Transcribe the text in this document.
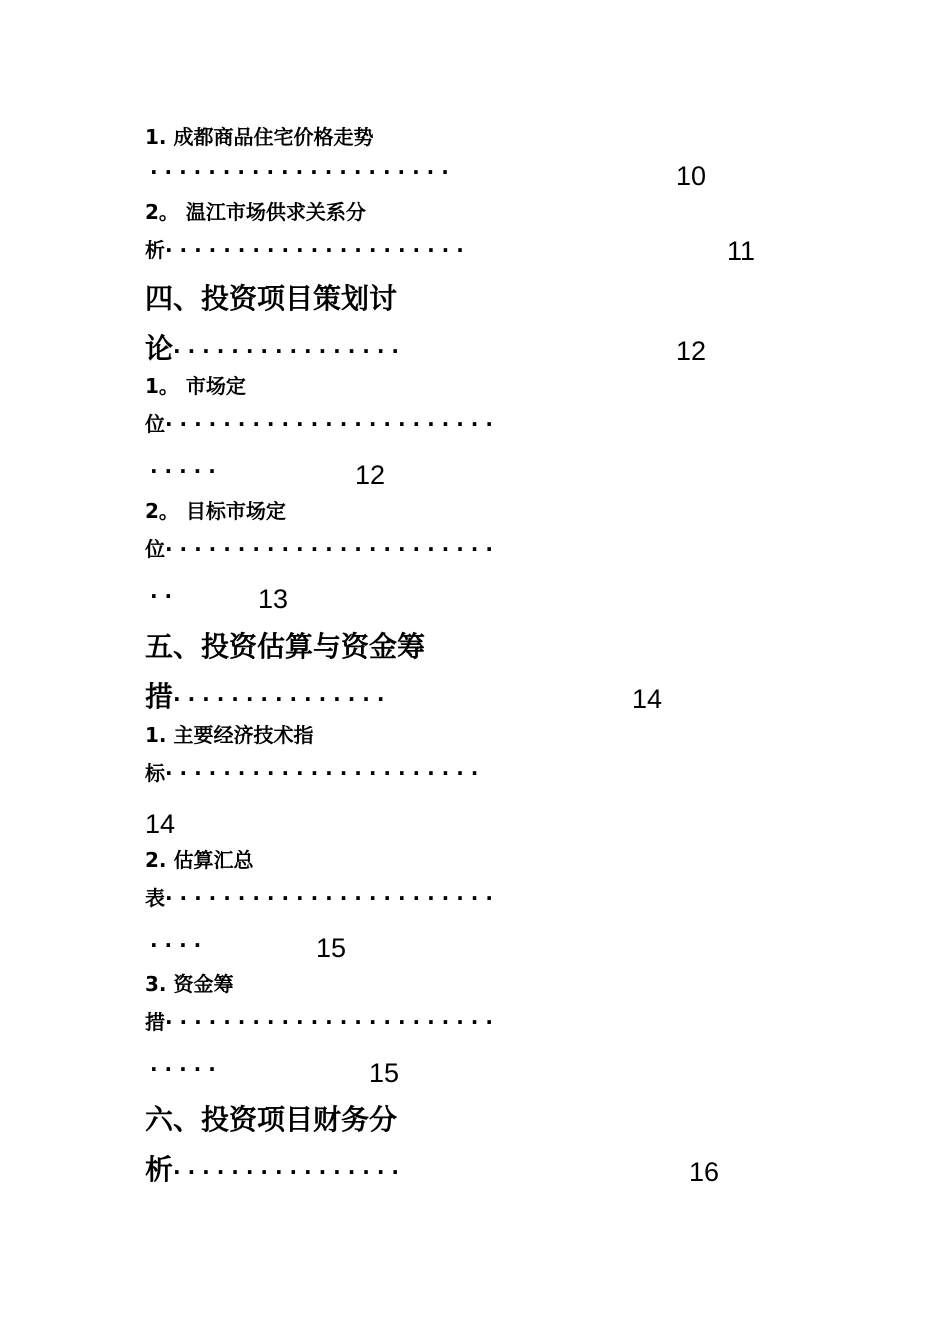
1. 成都商品住宅价格走势
· · · · · · · · · · · · · · · · · · · · ·	10
2。 温江市场供求关系分
析· · · · · · · · · · · · · · · · · · · · ·	11
四、投资项目策划讨
论· · · · · · · · · · · · · · · ·	12
1。 市场定
位· · · · · · · · · · · · · · · · · · · · · · ·
· · · · ·	12
2。 目标市场定
位· · · · · · · · · · · · · · · · · · · · · · ·
· ·	13
五、投资估算与资金筹
措· · · · · · · · · · · · · · ·	14
1. 主要经济技术指
标· · · · · · · · · · · · · · · · · · · · · ·
14
2. 估算汇总
表· · · · · · · · · · · · · · · · · · · · · · ·
· · · ·	15
3. 资金筹
措· · · · · · · · · · · · · · · · · · · · · · ·
· · · · ·	15
六、投资项目财务分
析· · · · · · · · · · · · · · · ·	16
